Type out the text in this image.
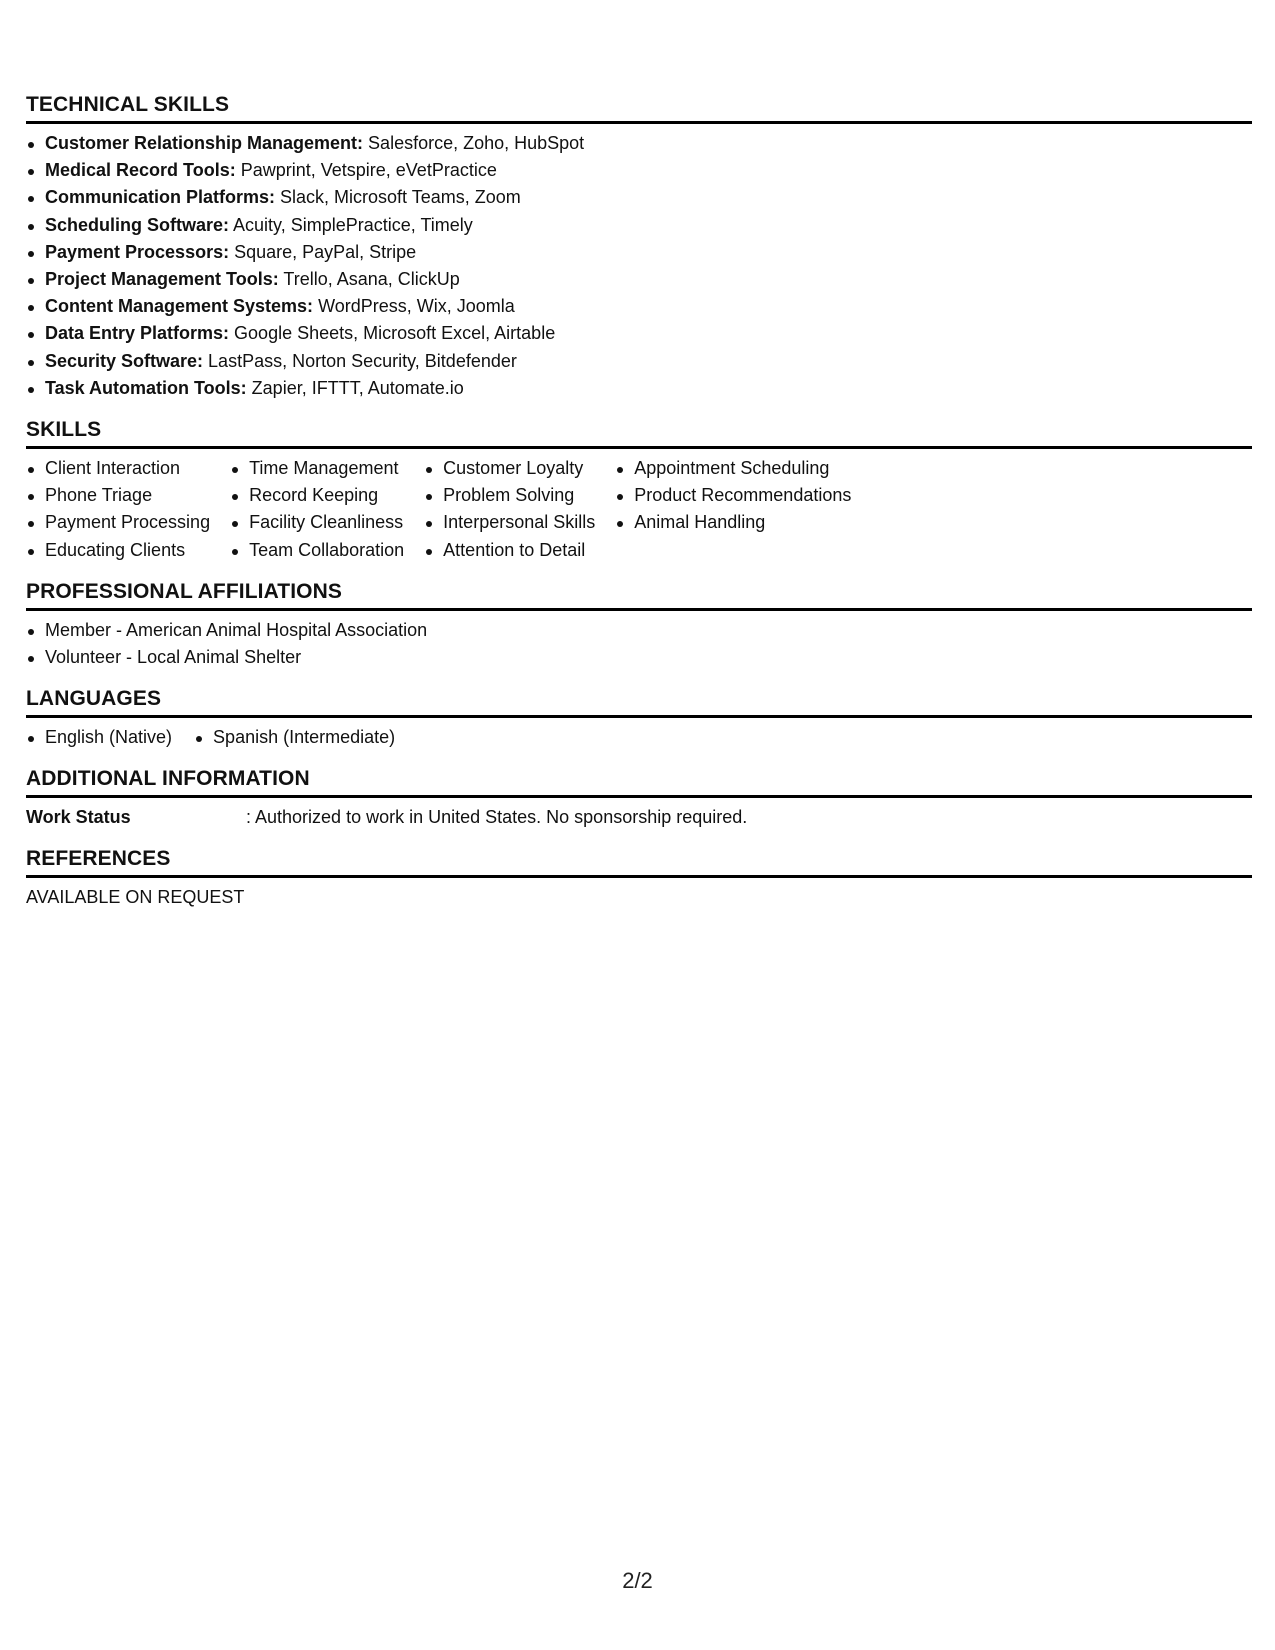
TECHNICAL SKILLS
Customer Relationship Management: Salesforce, Zoho, HubSpot
Medical Record Tools: Pawprint, Vetspire, eVetPractice
Communication Platforms: Slack, Microsoft Teams, Zoom
Scheduling Software: Acuity, SimplePractice, Timely
Payment Processors: Square, PayPal, Stripe
Project Management Tools: Trello, Asana, ClickUp
Content Management Systems: WordPress, Wix, Joomla
Data Entry Platforms: Google Sheets, Microsoft Excel, Airtable
Security Software: LastPass, Norton Security, Bitdefender
Task Automation Tools: Zapier, IFTTT, Automate.io
SKILLS
Client Interaction
Phone Triage
Payment Processing
Educating Clients
Time Management
Record Keeping
Facility Cleanliness
Team Collaboration
Customer Loyalty
Problem Solving
Interpersonal Skills
Attention to Detail
Appointment Scheduling
Product Recommendations
Animal Handling
PROFESSIONAL AFFILIATIONS
Member - American Animal Hospital Association
Volunteer - Local Animal Shelter
LANGUAGES
English (Native)	Spanish (Intermediate)
ADDITIONAL INFORMATION
Work Status	: Authorized to work in United States. No sponsorship required.
REFERENCES
AVAILABLE ON REQUEST
2/2
